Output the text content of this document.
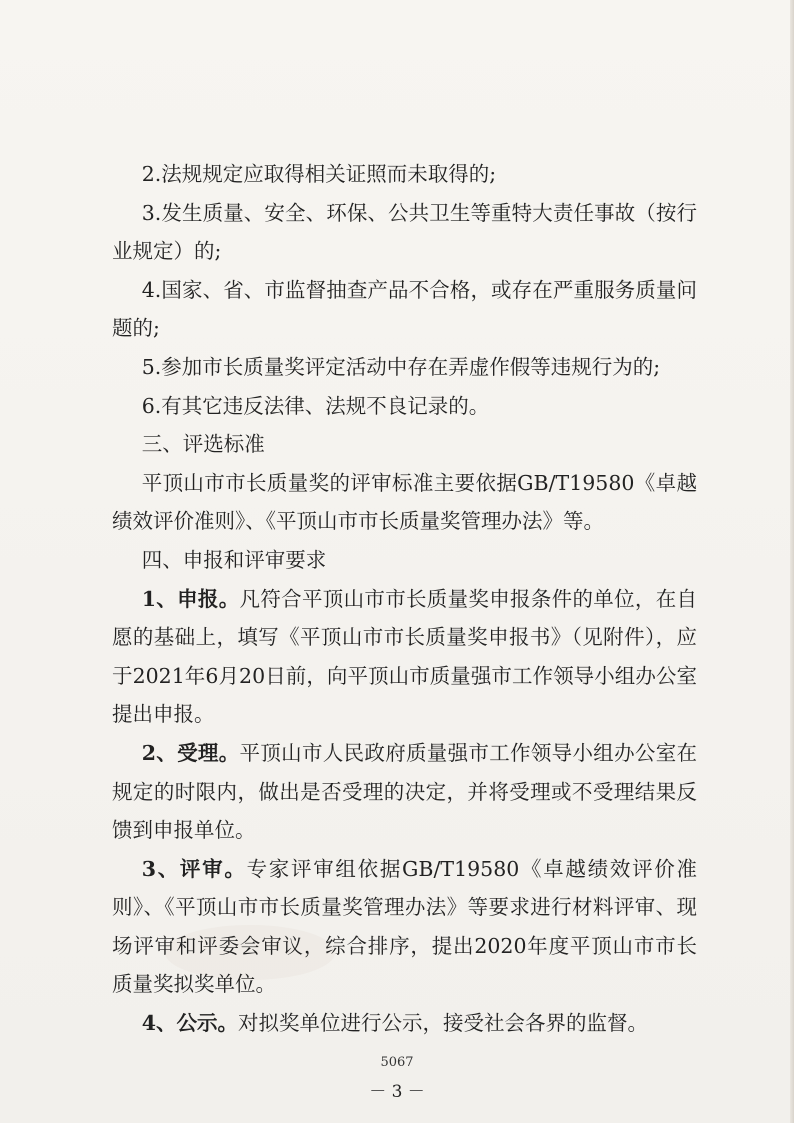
2.法规规定应取得相关证照而未取得的;

3.发生质量、安全、环保、公共卫生等重特大责任事故（按行业规定）的;

4.国家、省、市监督抽查产品不合格，或存在严重服务质量问题的;

5.参加市长质量奖评定活动中存在弄虚作假等违规行为的;

6.有其它违反法律、法规不良记录的。

三、评选标准

平顶山市市长质量奖的评审标准主要依据GB/T19580《卓越绩效评价准则》、《平顶山市市长质量奖管理办法》等。

四、申报和评审要求

1、申报。凡符合平顶山市市长质量奖申报条件的单位，在自愿的基础上，填写《平顶山市市长质量奖申报书》（见附件），应于2021年6月20日前，向平顶山市质量强市工作领导小组办公室提出申报。

2、受理。平顶山市人民政府质量强市工作领导小组办公室在规定的时限内，做出是否受理的决定，并将受理或不受理结果反馈到申报单位。

3、评审。专家评审组依据GB/T19580《卓越绩效评价准则》、《平顶山市市长质量奖管理办法》等要求进行材料评审、现场评审和评委会审议，综合排序，提出2020年度平顶山市市长质量奖拟奖单位。

4、公示。对拟奖单位进行公示，接受社会各界的监督。

5067
－ 3 －
